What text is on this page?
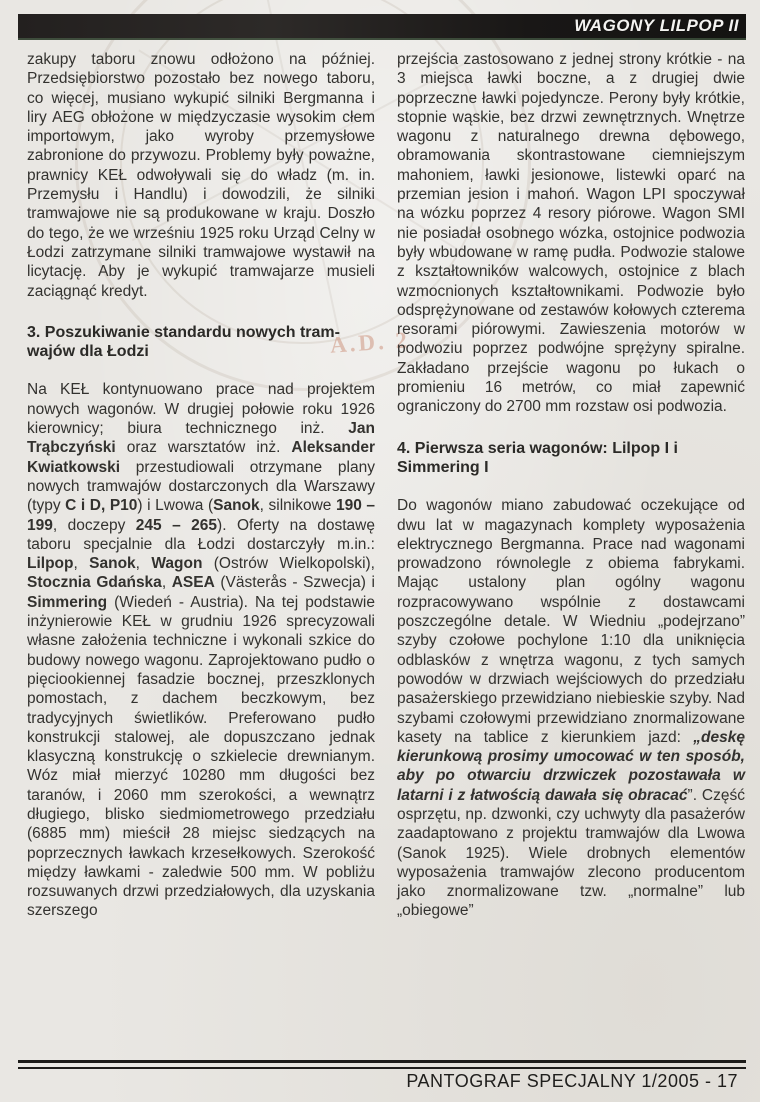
A.D. 2
WAGONY LILPOP II

zakupy taboru znowu odłożono na później. Przedsiębiorstwo pozostało bez nowego taboru, co więcej, musiano wykupić silniki Bergmanna i liry AEG obłożone w międzyczasie wysokim cłem importowym, jako wyroby przemysłowe zabronione do przywozu. Problemy były poważne, prawnicy KEŁ odwoływali się do władz (m. in. Przemysłu i Handlu) i dowodzili, że silniki tramwajowe nie są produkowane w kraju. Doszło do tego, że we wrześniu 1925 roku Urząd Celny w Łodzi zatrzymane silniki tramwajowe wystawił na licytację. Aby je wykupić tramwajarze musieli zaciągnąć kredyt.

3. Poszukiwanie standardu nowych tram-wajów dla Łodzi

Na KEŁ kontynuowano prace nad projektem nowych wagonów. W drugiej połowie roku 1926 kierownicy; biura technicznego inż. Jan Trąbczyński oraz warsztatów inż. Aleksander Kwiatkowski przestudiowali otrzymane plany nowych tramwajów dostarczonych dla Warszawy (typy C i D, P10) i Lwowa (Sanok, silnikowe 190 – 199, doczepy 245 – 265). Oferty na dostawę taboru specjalnie dla Łodzi dostarczyły m.in.: Lilpop, Sanok, Wagon (Ostrów Wielkopolski), Stocznia Gdańska, ASEA (Västerås - Szwecja) i Simmering (Wiedeń - Austria). Na tej podstawie inżynierowie KEŁ w grudniu 1926 sprecyzowali własne założenia techniczne i wykonali szkice do budowy nowego wagonu. Zaprojektowano pudło o pięciookiennej fasadzie bocznej, przeszklonych pomostach, z dachem beczkowym, bez tradycyjnych świetlików. Preferowano pudło konstrukcji stalowej, ale dopuszczano jednak klasyczną konstrukcję o szkielecie drewnianym. Wóz miał mierzyć 10280 mm długości bez taranów, i 2060 mm szerokości, a wewnątrz długiego, blisko siedmiometrowego przedziału (6885 mm) mieścił 28 miejsc siedzących na poprzecznych ławkach krzesełkowych. Szerokość między ławkami - zaledwie 500 mm. W pobliżu rozsuwanych drzwi przedziałowych, dla uzyskania szerszego

przejścia zastosowano z jednej strony krótkie - na 3 miejsca ławki boczne, a z drugiej dwie poprzeczne ławki pojedyncze. Perony były krótkie, stopnie wąskie, bez drzwi zewnętrznych. Wnętrze wagonu z naturalnego drewna dębowego, obramowania skontrastowane ciemniejszym mahoniem, ławki jesionowe, listewki oparć na przemian jesion i mahoń. Wagon LPI spoczywał na wózku poprzez 4 resory piórowe. Wagon SMI nie posiadał osobnego wózka, ostojnice podwozia były wbudowane w ramę pudła. Podwozie stalowe z kształtowników walcowych, ostojnice z blach wzmocnionych kształtownikami. Podwozie było odsprężynowane od zestawów kołowych czterema resorami piórowymi. Zawieszenia motorów w podwoziu poprzez podwójne sprężyny spiralne. Zakładano przejście wagonu po łukach o promieniu 16 metrów, co miał zapewnić ograniczony do 2700 mm rozstaw osi podwozia.

4. Pierwsza seria wagonów: Lilpop I i Simmering I

Do wagonów miano zabudować oczekujące od dwu lat w magazynach komplety wyposażenia elektrycznego Bergmanna. Prace nad wagonami prowadzono równolegle z obiema fabrykami. Mając ustalony plan ogólny wagonu rozpracowywano wspólnie z dostawcami poszczególne detale. W Wiedniu „podejrzano” szyby czołowe pochylone 1:10 dla uniknięcia odblasków z wnętrza wagonu, z tych samych powodów w drzwiach wejściowych do przedziału pasażerskiego przewidziano niebieskie szyby. Nad szybami czołowymi przewidziano znormalizowane kasety na tablice z kierunkiem jazd: „deskę kierunkową prosimy umocować w ten sposób, aby po otwarciu drzwiczek pozostawała w latarni i z łatwością dawała się obracać”. Część osprzętu, np. dzwonki, czy uchwyty dla pasażerów zaadaptowano z projektu tramwajów dla Lwowa (Sanok 1925). Wiele drobnych elementów wyposażenia tramwajów zlecono producentom jako znormalizowane tzw. „normalne” lub „obiegowe”

PANTOGRAF SPECJALNY 1/2005 - 17
